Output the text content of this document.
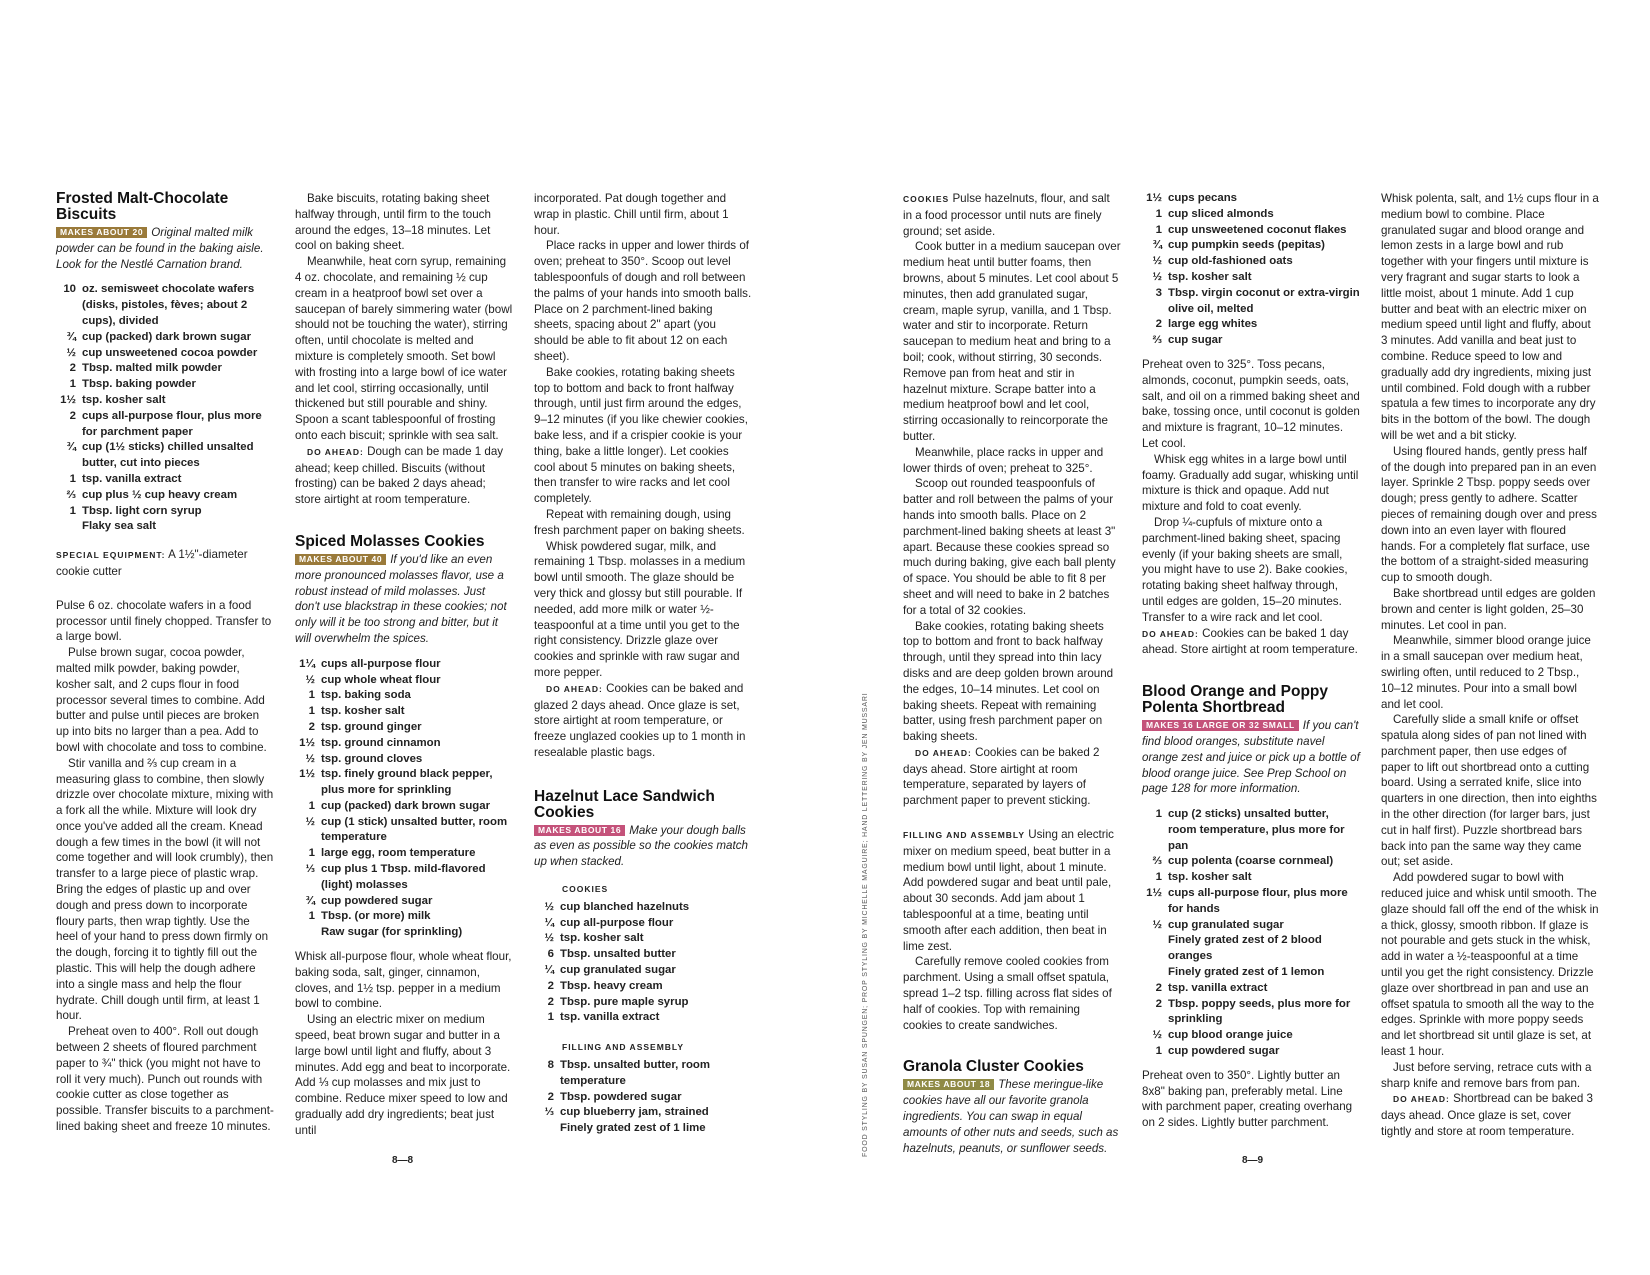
Frosted Malt-Chocolate Biscuits
MAKES ABOUT 20 Original malted milk powder can be found in the baking aisle. Look for the Nestlé Carnation brand.
10 oz. semisweet chocolate wafers (disks, pistoles, fèves; about 2 cups), divided
¾ cup (packed) dark brown sugar
½ cup unsweetened cocoa powder
2 Tbsp. malted milk powder
1 Tbsp. baking powder
1½ tsp. kosher salt
2 cups all-purpose flour, plus more for parchment paper
¾ cup (1½ sticks) chilled unsalted butter, cut into pieces
1 tsp. vanilla extract
⅔ cup plus ½ cup heavy cream
1 Tbsp. light corn syrup
Flaky sea salt
SPECIAL EQUIPMENT: A 1½"-diameter cookie cutter

Pulse 6 oz. chocolate wafers in a food processor until finely chopped. Transfer to a large bowl.

Pulse brown sugar, cocoa powder, malted milk powder, baking powder, kosher salt, and 2 cups flour in food processor several times to combine. Add butter and pulse until pieces are broken up into bits no larger than a pea. Add to bowl with chocolate and toss to combine.

Stir vanilla and ⅔ cup cream in a measuring glass to combine, then slowly drizzle over chocolate mixture, mixing with a fork all the while. Mixture will look dry once you've added all the cream. Knead dough a few times in the bowl (it will not come together and will look crumbly), then transfer to a large piece of plastic wrap. Bring the edges of plastic up and over dough and press down to incorporate floury parts, then wrap tightly. Use the heel of your hand to press down firmly on the dough, forcing it to tightly fill out the plastic. This will help the dough adhere into a single mass and help the flour hydrate. Chill dough until firm, at least 1 hour.

Preheat oven to 400°. Roll out dough between 2 sheets of floured parchment paper to ¾" thick (you might not have to roll it very much). Punch out rounds with cookie cutter as close together as possible. Transfer biscuits to a parchment-lined baking sheet and freeze 10 minutes.

Bake biscuits, rotating baking sheet halfway through, until firm to the touch around the edges, 13–18 minutes. Let cool on baking sheet.

Meanwhile, heat corn syrup, remaining 4 oz. chocolate, and remaining ½ cup cream in a heatproof bowl set over a saucepan of barely simmering water (bowl should not be touching the water), stirring often, until chocolate is melted and mixture is completely smooth. Set bowl with frosting into a large bowl of ice water and let cool, stirring occasionally, until thickened but still pourable and shiny. Spoon a scant tablespoonful of frosting onto each biscuit; sprinkle with sea salt.

DO AHEAD: Dough can be made 1 day ahead; keep chilled. Biscuits (without frosting) can be baked 2 days ahead; store airtight at room temperature.

Spiced Molasses Cookies
MAKES ABOUT 40 If you'd like an even more pronounced molasses flavor, use a robust instead of mild molasses. Just don't use blackstrap in these cookies; not only will it be too strong and bitter, but it will overwhelm the spices.
1¼ cups all-purpose flour
½ cup whole wheat flour
1 tsp. baking soda
1 tsp. kosher salt
2 tsp. ground ginger
1½ tsp. ground cinnamon
½ tsp. ground cloves
1½ tsp. finely ground black pepper, plus more for sprinkling
1 cup (packed) dark brown sugar
½ cup (1 stick) unsalted butter, room temperature
1 large egg, room temperature
⅓ cup plus 1 Tbsp. mild-flavored (light) molasses
¾ cup powdered sugar
1 Tbsp. (or more) milk
Raw sugar (for sprinkling)

Whisk all-purpose flour, whole wheat flour, baking soda, salt, ginger, cinnamon, cloves, and 1½ tsp. pepper in a medium bowl to combine.

Using an electric mixer on medium speed, beat brown sugar and butter in a large bowl until light and fluffy, about 3 minutes. Add egg and beat to incorporate. Add ⅓ cup molasses and mix just to combine. Reduce mixer speed to low and gradually add dry ingredients; beat just until

incorporated. Pat dough together and wrap in plastic. Chill until firm, about 1 hour.

Place racks in upper and lower thirds of oven; preheat to 350°. Scoop out level tablespoonfuls of dough and roll between the palms of your hands into smooth balls. Place on 2 parchment-lined baking sheets, spacing about 2" apart (you should be able to fit about 12 on each sheet).

Bake cookies, rotating baking sheets top to bottom and back to front halfway through, until just firm around the edges, 9–12 minutes (if you like chewier cookies, bake less, and if a crispier cookie is your thing, bake a little longer). Let cookies cool about 5 minutes on baking sheets, then transfer to wire racks and let cool completely.

Repeat with remaining dough, using fresh parchment paper on baking sheets.

Whisk powdered sugar, milk, and remaining 1 Tbsp. molasses in a medium bowl until smooth. The glaze should be very thick and glossy but still pourable. If needed, add more milk or water ½-teaspoonful at a time until you get to the right consistency. Drizzle glaze over cookies and sprinkle with raw sugar and more pepper.

DO AHEAD: Cookies can be baked and glazed 2 days ahead. Once glaze is set, store airtight at room temperature, or freeze unglazed cookies up to 1 month in resealable plastic bags.

Hazelnut Lace Sandwich Cookies
MAKES ABOUT 16 Make your dough balls as even as possible so the cookies match up when stacked.
COOKIES
½ cup blanched hazelnuts
¼ cup all-purpose flour
½ tsp. kosher salt
6 Tbsp. unsalted butter
¼ cup granulated sugar
2 Tbsp. heavy cream
2 Tbsp. pure maple syrup
1 tsp. vanilla extract
FILLING AND ASSEMBLY
8 Tbsp. unsalted butter, room temperature
2 Tbsp. powdered sugar
⅓ cup blueberry jam, strained
Finely grated zest of 1 lime	FOOD STYLING BY SUSAN SPUNGEN; PROP STYLING BY MICHELLE MAGUIRE; HAND LETTERING BY JEN MUSSARI

COOKIES Pulse hazelnuts, flour, and salt in a food processor until nuts are finely ground; set aside.

Cook butter in a medium saucepan over medium heat until butter foams, then browns, about 5 minutes. Let cool about 5 minutes, then add granulated sugar, cream, maple syrup, vanilla, and 1 Tbsp. water and stir to incorporate. Return saucepan to medium heat and bring to a boil; cook, without stirring, 30 seconds. Remove pan from heat and stir in hazelnut mixture. Scrape batter into a medium heatproof bowl and let cool, stirring occasionally to reincorporate the butter.

Meanwhile, place racks in upper and lower thirds of oven; preheat to 325°.

Scoop out rounded teaspoonfuls of batter and roll between the palms of your hands into smooth balls. Place on 2 parchment-lined baking sheets at least 3" apart. Because these cookies spread so much during baking, give each ball plenty of space. You should be able to fit 8 per sheet and will need to bake in 2 batches for a total of 32 cookies.

Bake cookies, rotating baking sheets top to bottom and front to back halfway through, until they spread into thin lacy disks and are deep golden brown around the edges, 10–14 minutes. Let cool on baking sheets. Repeat with remaining batter, using fresh parchment paper on baking sheets.

DO AHEAD: Cookies can be baked 2 days ahead. Store airtight at room temperature, separated by layers of parchment paper to prevent sticking.

FILLING AND ASSEMBLY Using an electric mixer on medium speed, beat butter in a medium bowl until light, about 1 minute. Add powdered sugar and beat until pale, about 30 seconds. Add jam about 1 tablespoonful at a time, beating until smooth after each addition, then beat in lime zest.

Carefully remove cooled cookies from parchment. Using a small offset spatula, spread 1–2 tsp. filling across flat sides of half of cookies. Top with remaining cookies to create sandwiches.

Granola Cluster Cookies
MAKES ABOUT 18 These meringue-like cookies have all our favorite granola ingredients. You can swap in equal amounts of other nuts and seeds, such as hazelnuts, peanuts, or sunflower seeds.
1½ cups pecans
1 cup sliced almonds
1 cup unsweetened coconut flakes
¾ cup pumpkin seeds (pepitas)
½ cup old-fashioned oats
½ tsp. kosher salt
3 Tbsp. virgin coconut or extra-virgin olive oil, melted
2 large egg whites
⅔ cup sugar

Preheat oven to 325°. Toss pecans, almonds, coconut, pumpkin seeds, oats, salt, and oil on a rimmed baking sheet and bake, tossing once, until coconut is golden and mixture is fragrant, 10–12 minutes. Let cool.

Whisk egg whites in a large bowl until foamy. Gradually add sugar, whisking until mixture is thick and opaque. Add nut mixture and fold to coat evenly.

Drop ¼-cupfuls of mixture onto a parchment-lined baking sheet, spacing evenly (if your baking sheets are small, you might have to use 2). Bake cookies, rotating baking sheet halfway through, until edges are golden, 15–20 minutes. Transfer to a wire rack and let cool.

DO AHEAD: Cookies can be baked 1 day ahead. Store airtight at room temperature.

Blood Orange and Poppy Polenta Shortbread
MAKES 16 LARGE OR 32 SMALL If you can't find blood oranges, substitute navel orange zest and juice or pick up a bottle of blood orange juice. See Prep School on page 128 for more information.
1 cup (2 sticks) unsalted butter, room temperature, plus more for pan
⅔ cup polenta (coarse cornmeal)
1 tsp. kosher salt
1½ cups all-purpose flour, plus more for hands
½ cup granulated sugar
Finely grated zest of 2 blood oranges
Finely grated zest of 1 lemon
2 tsp. vanilla extract
2 Tbsp. poppy seeds, plus more for sprinkling
½ cup blood orange juice
1 cup powdered sugar

Preheat oven to 350°. Lightly butter an 8x8" baking pan, preferably metal. Line with parchment paper, creating overhang on 2 sides. Lightly butter parchment.

Whisk polenta, salt, and 1½ cups flour in a medium bowl to combine. Place granulated sugar and blood orange and lemon zests in a large bowl and rub together with your fingers until mixture is very fragrant and sugar starts to look a little moist, about 1 minute. Add 1 cup butter and beat with an electric mixer on medium speed until light and fluffy, about 3 minutes. Add vanilla and beat just to combine. Reduce speed to low and gradually add dry ingredients, mixing just until combined. Fold dough with a rubber spatula a few times to incorporate any dry bits in the bottom of the bowl. The dough will be wet and a bit sticky.

Using floured hands, gently press half of the dough into prepared pan in an even layer. Sprinkle 2 Tbsp. poppy seeds over dough; press gently to adhere. Scatter pieces of remaining dough over and press down into an even layer with floured hands. For a completely flat surface, use the bottom of a straight-sided measuring cup to smooth dough.

Bake shortbread until edges are golden brown and center is light golden, 25–30 minutes. Let cool in pan.

Meanwhile, simmer blood orange juice in a small saucepan over medium heat, swirling often, until reduced to 2 Tbsp., 10–12 minutes. Pour into a small bowl and let cool.

Carefully slide a small knife or offset spatula along sides of pan not lined with parchment paper, then use edges of paper to lift out shortbread onto a cutting board. Using a serrated knife, slice into quarters in one direction, then into eighths in the other direction (for larger bars, just cut in half first). Puzzle shortbread bars back into pan the same way they came out; set aside.

Add powdered sugar to bowl with reduced juice and whisk until smooth. The glaze should fall off the end of the whisk in a thick, glossy, smooth ribbon. If glaze is not pourable and gets stuck in the whisk, add in water a ½-teaspoonful at a time until you get the right consistency. Drizzle glaze over shortbread in pan and use an offset spatula to smooth all the way to the edges. Sprinkle with more poppy seeds and let shortbread sit until glaze is set, at least 1 hour.

Just before serving, retrace cuts with a sharp knife and remove bars from pan.

DO AHEAD: Shortbread can be baked 3 days ahead. Once glaze is set, cover tightly and store at room temperature.

8—8	8—9
